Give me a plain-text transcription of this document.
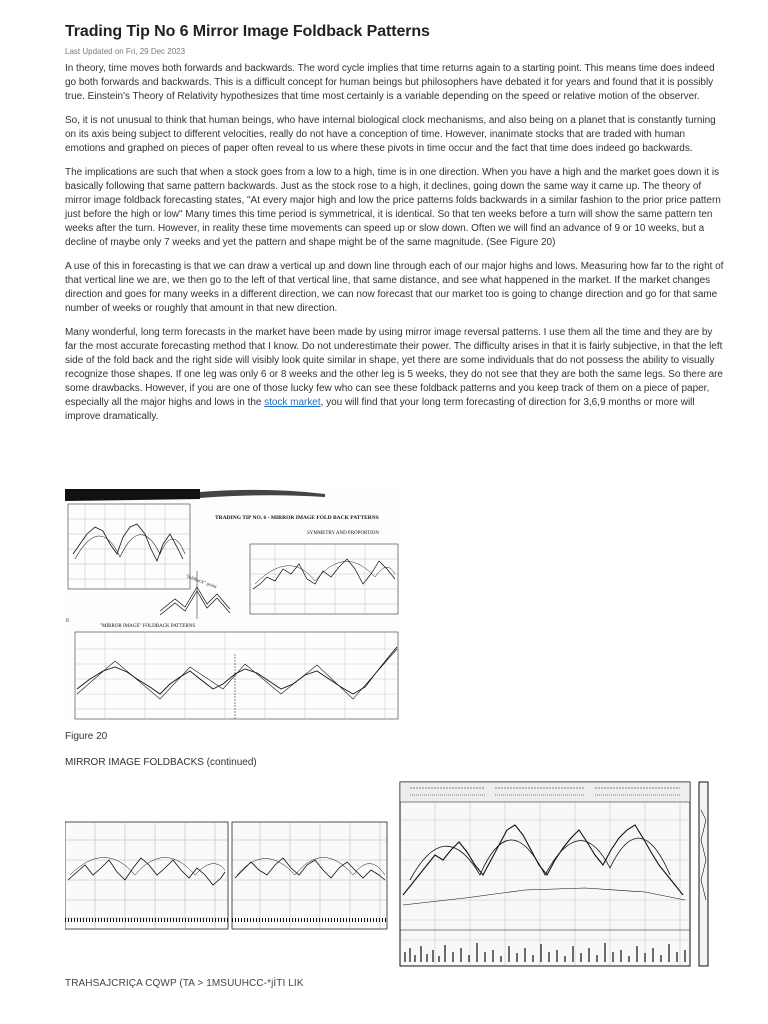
Trading Tip No 6 Mirror Image Foldback Patterns
Last Updated on Fri, 29 Dec 2023

In theory, time moves both forwards and backwards. The word cycle implies that time returns again to a starting point. This means time does indeed go both forwards and backwards. This is a difficult concept for human beings but philosophers have debated it for years and found that it is possibly true. Einstein's Theory of Relativity hypothesizes that time most certainly is a variable depending on the speed or relative motion of the observer.

So, it is not unusual to think that human beings, who have internal biological clock mechanisms, and also being on a planet that is constantly turning on its axis being subject to different velocities, really do not have a conception of time. However, inanimate stocks that are traded with human emotions and graphed on pieces of paper often reveal to us where these pivots in time occur and the fact that time does indeed go backwards.

The implications are such that when a stock goes from a low to a high, time is in one direction. When you have a high and the market goes down it is basically following that same pattern backwards. Just as the stock rose to a high, it declines, going down the same way it came up. The theory of mirror image foldback forecasting states, "At every major high and low the price patterns folds backwards in a similar fashion to the prior price pattern just before the high or low" Many times this time period is symmetrical, it is identical. So that ten weeks before a turn will show the same pattern ten weeks after the turn. However, in reality these time movements can speed up or slow down. Often we will find an advance of 9 or 10 weeks, but a decline of maybe only 7 weeks and yet the pattern and shape might be of the same magnitude. (See Figure 20)

A use of this in forecasting is that we can draw a vertical up and down line through each of our major highs and lows. Measuring how far to the right of that vertical line we are, we then go to the left of that vertical line, that same distance, and see what happened in the market. If the market changes direction and goes for many weeks in a different direction, we can now forecast that our market too is going to change direction and go for that same number of weeks or roughly that amount in that new direction.

Many wonderful, long term forecasts in the market have been made by using mirror image reversal patterns. I use them all the time and they are by far the most accurate forecasting method that I know. Do not underestimate their power. The difficulty arises in that it is fairly subjective, in that the left side of the fold back and the right side will visibly look quite similar in shape, yet there are some individuals that do not possess the ability to visually recognize those shapes. If one leg was only 6 or 8 weeks and the other leg is 5 weeks, they do not see that they are both the same legs. So there are some drawbacks. However, if you are one of those lucky few who can see these foldback patterns and you keep track of them on a piece of paper, especially all the major highs and lows in the stock market, you will find that your long term forecasting of direction for 3,6,9 months or more will improve dramatically.

TRADING TIP NO. 6 - MIRROR IMAGE FOLD BACK PATTERNS
SYMMETRY AND PROPORTION
"foldback" point
6
"MIRROR IMAGE" FOLDBACK PATTERNS
Figure 20
MIRROR IMAGE FOLDBACKS (continued)
TRAHSAJCRIÇA CQWP (TA > 1MSUUHCC-*jİTI LIK
